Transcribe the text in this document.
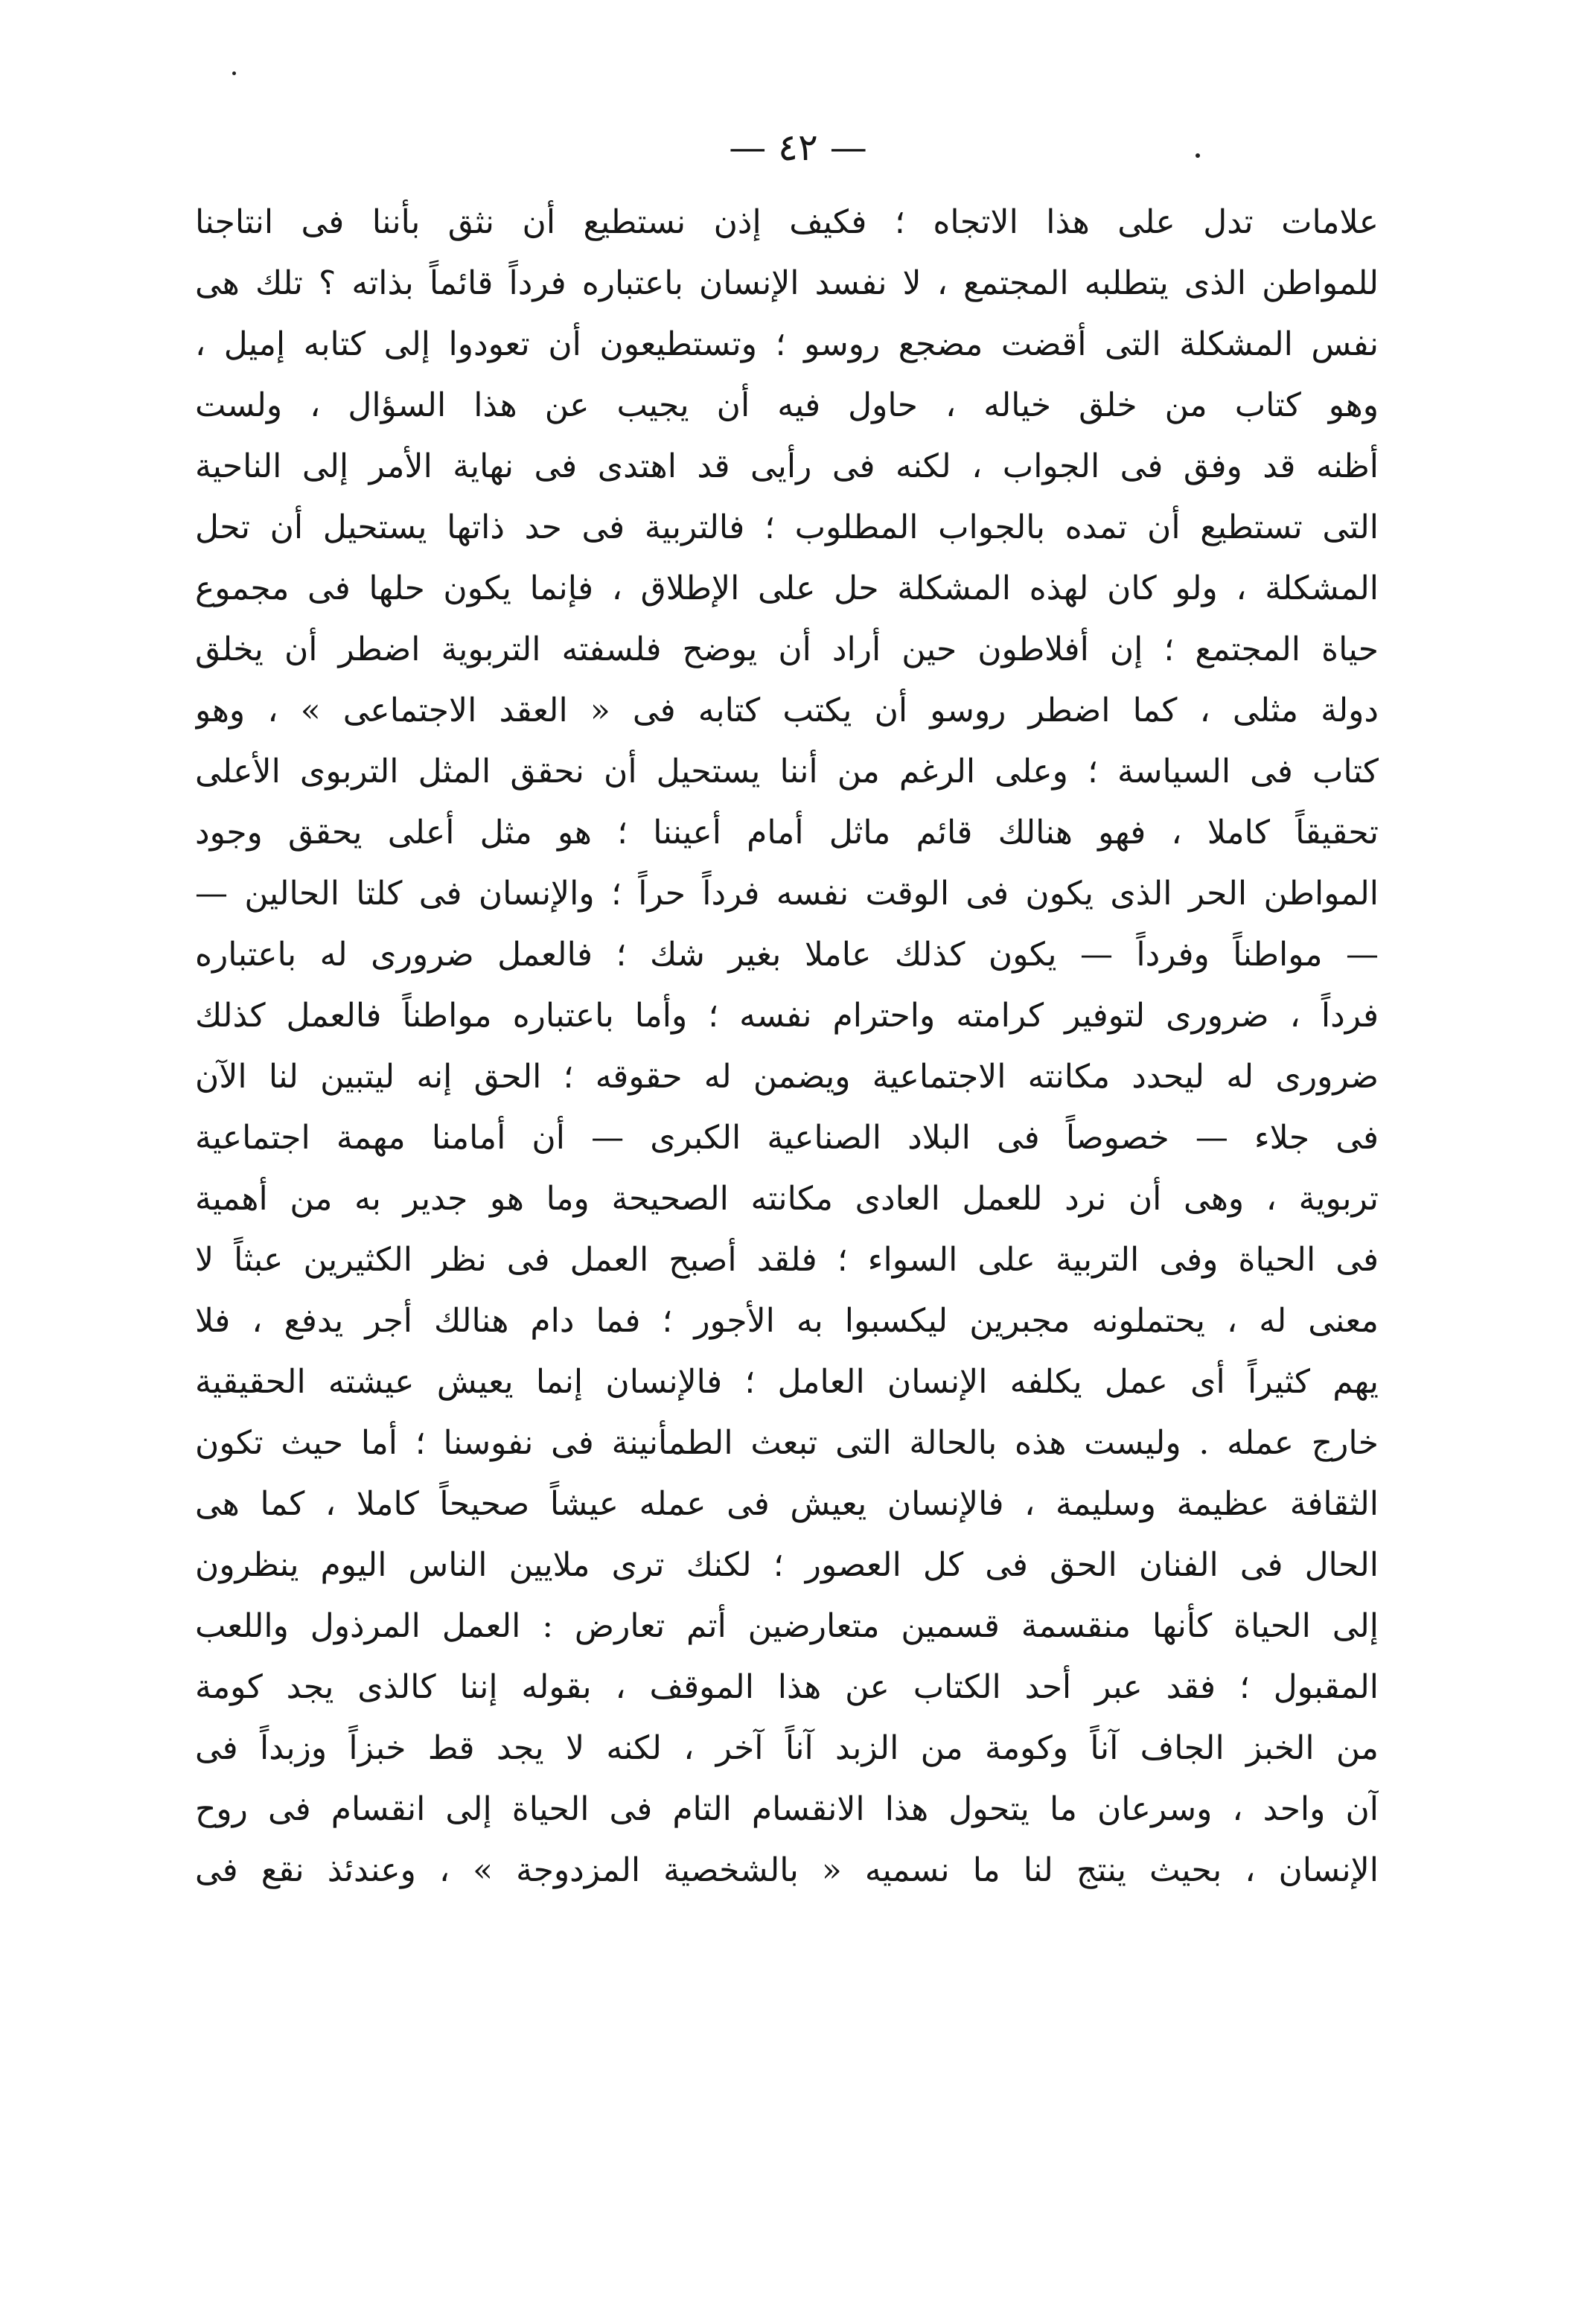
— ٤٢ —
علامات تدل على هذا الاتجاه ؛ فكيف إذن نستطيع أن نثق بأننا فى انتاجنا
للمواطن الذى يتطلبه المجتمع ، لا نفسد الإنسان باعتباره فرداً قائماً بذاته ؟ تلك هى
نفس المشكلة التى أقضت مضجع روسو ؛ وتستطيعون أن تعودوا إلى كتابه إميل ،
وهو كتاب من خلق خياله ، حاول فيه أن يجيب عن هذا السؤال ، ولست
أظنه قد وفق فى الجواب ، لكنه فى رأيى قد اهتدى فى نهاية الأمر إلى الناحية
التى تستطيع أن تمده بالجواب المطلوب ؛ فالتربية فى حد ذاتها يستحيل أن تحل
المشكلة ، ولو كان لهذه المشكلة حل على الإطلاق ، فإنما يكون حلها فى مجموع
حياة المجتمع ؛ إن أفلاطون حين أراد أن يوضح فلسفته التربوية اضطر أن يخلق
دولة مثلى ، كما اضطر روسو أن يكتب كتابه فى « العقد الاجتماعى » ، وهو
كتاب فى السياسة ؛ وعلى الرغم من أننا يستحيل أن نحقق المثل التربوى الأعلى
تحقيقاً كاملا ، فهو هنالك قائم ماثل أمام أعيننا ؛ هو مثل أعلى يحقق وجود
المواطن الحر الذى يكون فى الوقت نفسه فرداً حراً ؛ والإنسان فى كلتا الحالين —
— مواطناً وفرداً — يكون كذلك عاملا بغير شك ؛ فالعمل ضرورى له باعتباره
فرداً ، ضرورى لتوفير كرامته واحترام نفسه ؛ وأما باعتباره مواطناً فالعمل كذلك
ضرورى له ليحدد مكانته الاجتماعية ويضمن له حقوقه ؛ الحق إنه ليتبين لنا الآن
فى جلاء — خصوصاً فى البلاد الصناعية الكبرى — أن أمامنا مهمة اجتماعية
تربوية ، وهى أن نرد للعمل العادى مكانته الصحيحة وما هو جدير به من أهمية
فى الحياة وفى التربية على السواء ؛ فلقد أصبح العمل فى نظر الكثيرين عبثاً لا
معنى له ، يحتملونه مجبرين ليكسبوا به الأجور ؛ فما دام هنالك أجر يدفع ، فلا
يهم كثيراً أى عمل يكلفه الإنسان العامل ؛ فالإنسان إنما يعيش عيشته الحقيقية
خارج عمله . وليست هذه بالحالة التى تبعث الطمأنينة فى نفوسنا ؛ أما حيث تكون
الثقافة عظيمة وسليمة ، فالإنسان يعيش فى عمله عيشاً صحيحاً كاملا ، كما هى
الحال فى الفنان الحق فى كل العصور ؛ لكنك ترى ملايين الناس اليوم ينظرون
إلى الحياة كأنها منقسمة قسمين متعارضين أتم تعارض : العمل المرذول واللعب
المقبول ؛ فقد عبر أحد الكتاب عن هذا الموقف ، بقوله إننا كالذى يجد كومة
من الخبز الجاف آناً وكومة من الزبد آناً آخر ، لكنه لا يجد قط خبزاً وزبداً فى
آن واحد ، وسرعان ما يتحول هذا الانقسام التام فى الحياة إلى انقسام فى روح
الإنسان ، بحيث ينتج لنا ما نسميه « بالشخصية المزدوجة » ، وعندئذ نقع فى
